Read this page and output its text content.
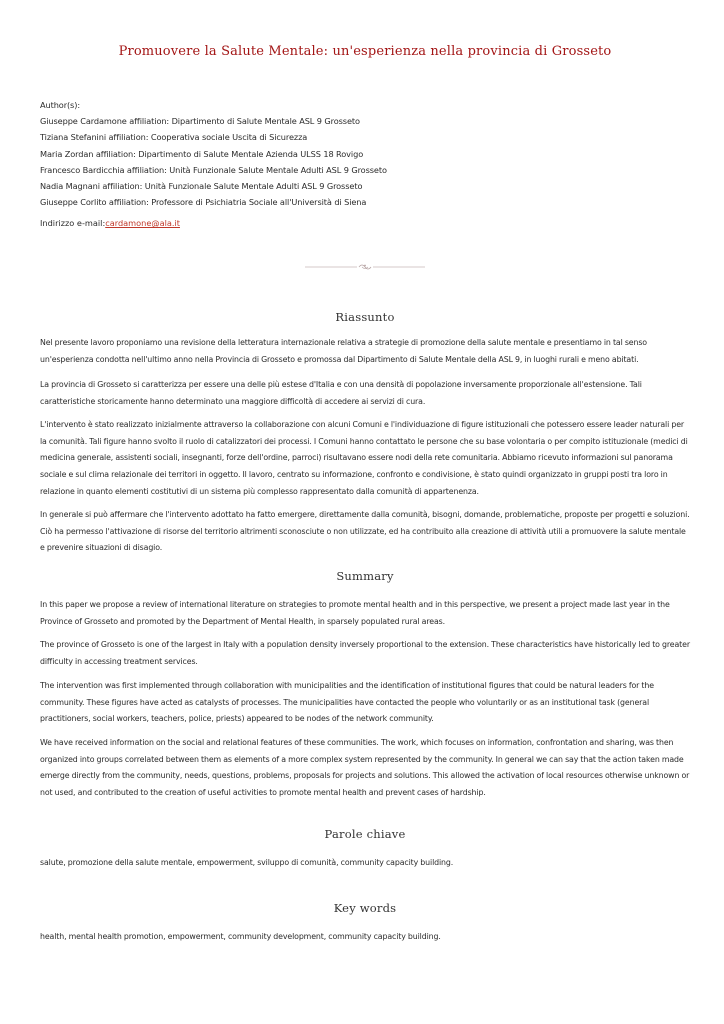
Promuovere la Salute Mentale: un'esperienza nella provincia di Grosseto
Author(s):
Giuseppe Cardamone affiliation: Dipartimento di Salute Mentale ASL 9 Grosseto
Tiziana Stefanini affiliation: Cooperativa sociale Uscita di Sicurezza
Maria Zordan affiliation: Dipartimento di Salute Mentale Azienda ULSS 18 Rovigo
Francesco Bardicchia affiliation: Unità Funzionale Salute Mentale Adulti ASL 9 Grosseto
Nadia Magnani affiliation: Unità Funzionale Salute Mentale Adulti ASL 9 Grosseto
Giuseppe Corlito affiliation: Professore di Psichiatria Sociale all'Università di Siena
Indirizzo e-mail:cardamone@ala.it
Riassunto

Nel presente lavoro proponiamo una revisione della letteratura internazionale relativa a strategie di promozione della salute mentale e presentiamo in tal senso un'esperienza condotta nell'ultimo anno nella Provincia di Grosseto e promossa dal Dipartimento di Salute Mentale della ASL 9, in luoghi rurali e meno abitati.

La provincia di Grosseto si caratterizza per essere una delle più estese d'Italia e con una densità di popolazione inversamente proporzionale all'estensione. Tali caratteristiche storicamente hanno determinato una maggiore difficoltà di accedere ai servizi di cura.

L'intervento è stato realizzato inizialmente attraverso la collaborazione con alcuni Comuni e l'individuazione di figure istituzionali che potessero essere leader naturali per la comunità. Tali figure hanno svolto il ruolo di catalizzatori dei processi. I Comuni hanno contattato le persone che su base volontaria o per compito istituzionale (medici di medicina generale, assistenti sociali, insegnanti, forze dell'ordine, parroci) risultavano essere nodi della rete comunitaria. Abbiamo ricevuto informazioni sul panorama sociale e sul clima relazionale dei territori in oggetto. Il lavoro, centrato su informazione, confronto e condivisione, è stato quindi organizzato in gruppi posti tra loro in relazione in quanto elementi costitutivi di un sistema più complesso rappresentato dalla comunità di appartenenza.

In generale si può affermare che l'intervento adottato ha fatto emergere, direttamente dalla comunità, bisogni, domande, problematiche, proposte per progetti e soluzioni. Ciò ha permesso l'attivazione di risorse del territorio altrimenti sconosciute o non utilizzate, ed ha contribuito alla creazione di attività utili a promuovere la salute mentale e prevenire situazioni di disagio.

Summary

In this paper we propose a review of international literature on strategies to promote mental health and in this perspective, we present a project made last year in the Province of Grosseto and promoted by the Department of Mental Health, in sparsely populated rural areas.

The province of Grosseto is one of the largest in Italy with a population density inversely proportional to the extension. These characteristics have historically led to greater difficulty in accessing treatment services.

The intervention was first implemented through collaboration with municipalities and the identification of institutional figures that could be natural leaders for the community. These figures have acted as catalysts of processes. The municipalities have contacted the people who voluntarily or as an institutional task (general practitioners, social workers, teachers, police, priests) appeared to be nodes of the network community.

We have received information on the social and relational features of these communities. The work, which focuses on information, confrontation and sharing, was then organized into groups correlated between them as elements of a more complex system represented by the community. In general we can say that the action taken made emerge directly from the community, needs, questions, problems, proposals for projects and solutions. This allowed the activation of local resources otherwise unknown or not used, and contributed to the creation of useful activities to promote mental health and prevent cases of hardship.

Parole chiave

salute, promozione della salute mentale, empowerment, sviluppo di comunità, community capacity building.

Key words

health, mental health promotion, empowerment, community development, community capacity building.
